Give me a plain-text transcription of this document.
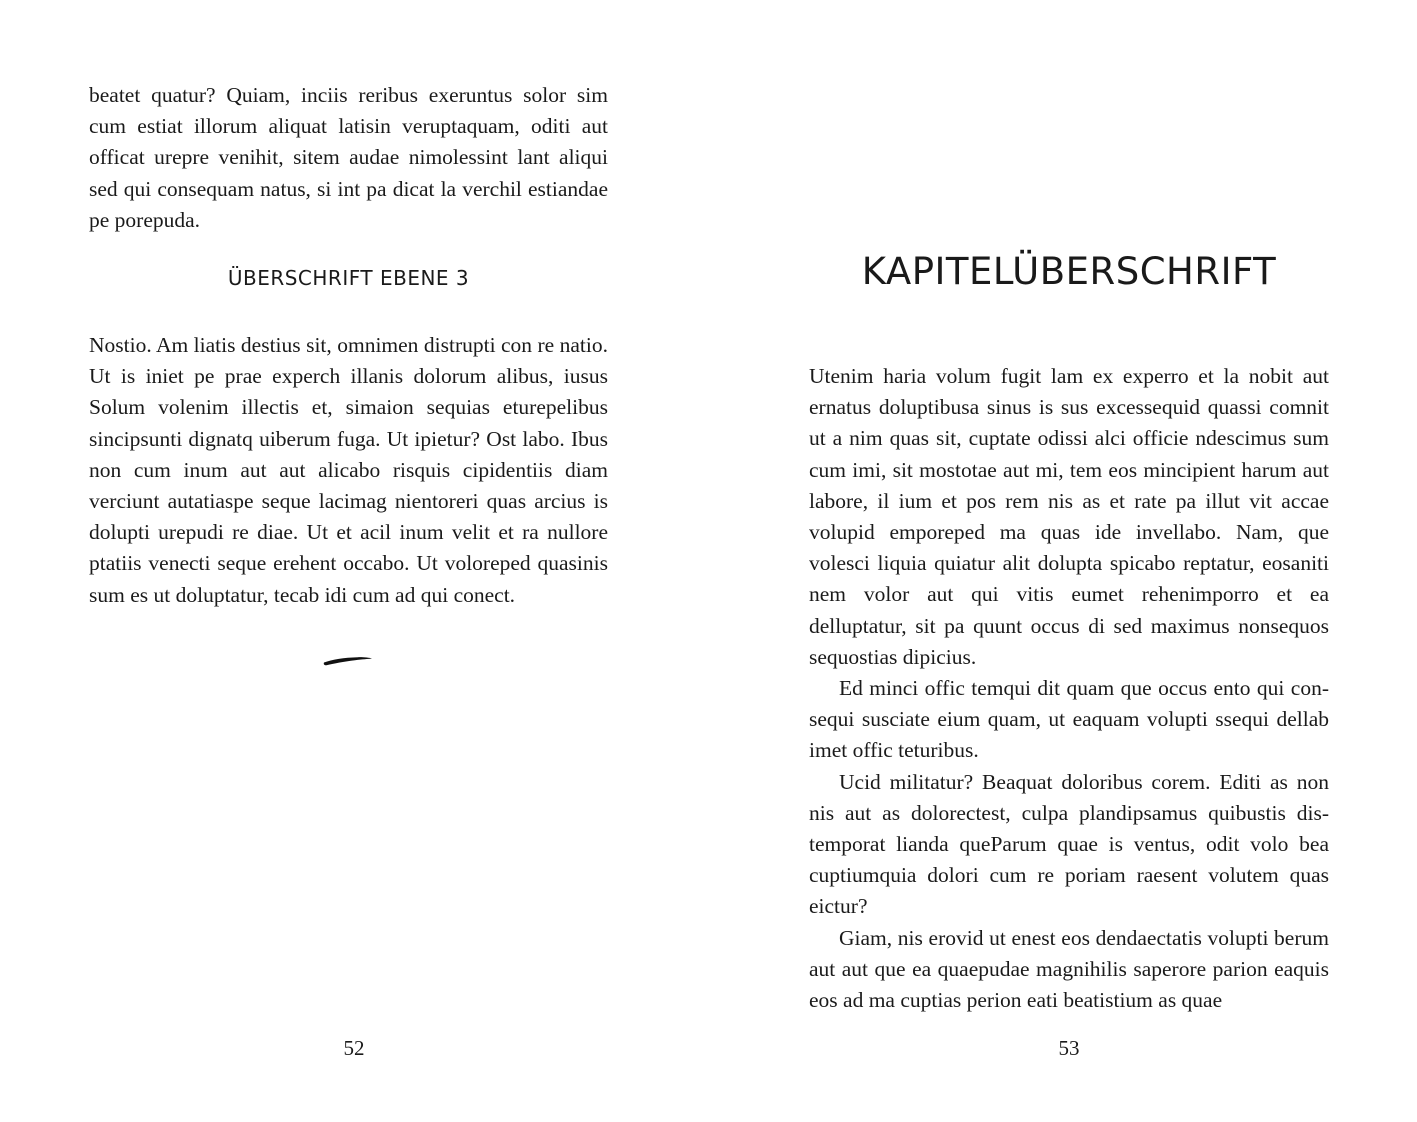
beatet quatur? Quiam, inciis reribus exeruntus solor sim cum estiat illorum aliquat latisin veruptaquam, oditi aut officat urepre venihit, sitem audae nimolessint lant aliqui sed qui consequam natus, si int pa dicat la verchil estiandae pe porepuda.

ÜBERSCHRIFT EBENE 3

Nostio. Am liatis destius sit, omnimen distrupti con re natio. Ut is iniet pe prae experch illanis dolorum alibus, iusus Solum volenim illectis et, simaion sequias eturepelibus sincipsunti dignatq uiberum fuga. Ut ipietur? Ost labo. Ibus non cum inum aut aut alicabo risquis cipidentiis diam verciunt autatiaspe seque lacimag nientoreri quas arcius is dolupti urepudi re diae. Ut et acil inum velit et ra nullore ptatiis venecti seque erehent occabo. Ut voloreped quasinis sum es ut doluptatur, tecab idi cum ad qui conect.

52
KAPITELÜBERSCHRIFT

Utenim haria volum fugit lam ex experro et la nobit aut ernatus doluptibusa sinus is sus excessequid quassi comnit ut a nim quas sit, cuptate odissi alci officie ndescimus sum cum imi, sit mostotae aut mi, tem eos mincipient harum aut labore, il ium et pos rem nis as et rate pa illut vit accae volupid emporeped ma quas ide invellabo. Nam, que volesci liquia quiatur alit dolupta spicabo reptatur, eosaniti nem volor aut qui vitis eumet rehenimporro et ea delluptatur, sit pa quunt occus di sed maximus nonsequos sequostias dipicius.

Ed minci offic temqui dit quam que occus ento qui consequi susciate eium quam, ut eaquam volupti ssequi dellab imet offic teturibus.

Ucid militatur? Beaquat doloribus corem. Editi as non nis aut as dolorectest, culpa plandipsamus quibustis distemporat lianda queParum quae is ventus, odit volo bea cuptiumquia dolori cum re poriam raesent volutem quas eictur?

Giam, nis erovid ut enest eos dendaectatis volupti berum aut aut que ea quaepudae magnihilis saperore parion eaquis eos ad ma cuptias perion eati beatistium as quae

53
